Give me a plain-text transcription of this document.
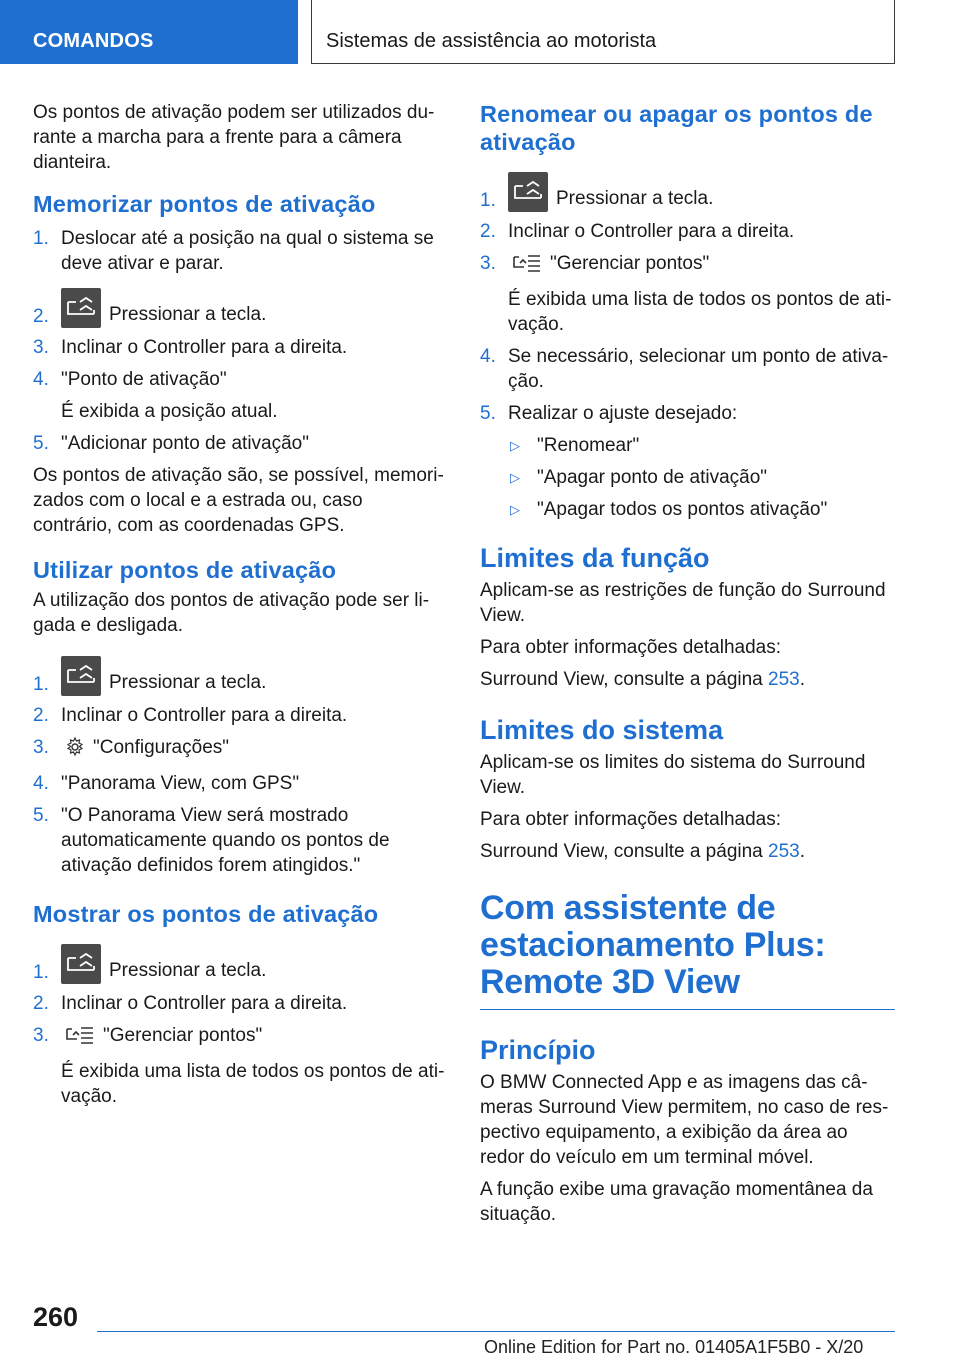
COMANDOS	Sistemas de assistência ao motorista

Os pontos de ativação podem ser utilizados durante a marcha para a frente para a câmera dianteira.

Memorizar pontos de ativação
1. Deslocar até a posição na qual o sistema se deve ativar e parar.
2.	Pressionar a tecla.
3. Inclinar o Controller para a direita.
4. "Ponto de ativação"
É exibida a posição atual.
5. "Adicionar ponto de ativação"

Os pontos de ativação são, se possível, memorizados com o local e a estrada ou, caso contrário, com as coordenadas GPS.

Utilizar pontos de ativação

A utilização dos pontos de ativação pode ser ligada e desligada.

1.	Pressionar a tecla.
2. Inclinar o Controller para a direita.
3. "Configurações"
4. "Panorama View, com GPS"
5. "O Panorama View será mostrado automaticamente quando os pontos de ativação definidos forem atingidos."
Mostrar os pontos de ativação
1.	Pressionar a tecla.
2. Inclinar o Controller para a direita.
3.	"Gerenciar pontos"
É exibida uma lista de todos os pontos de ativação.
Renomear ou apagar os pontos de ativação
1.	Pressionar a tecla.
2. Inclinar o Controller para a direita.
3.	"Gerenciar pontos"
É exibida uma lista de todos os pontos de ativação.
4. Se necessário, selecionar um ponto de ativação.
5. Realizar o ajuste desejado:
▷ "Renomear"
▷ "Apagar ponto de ativação"
▷ "Apagar todos os pontos ativação"
Limites da função

Aplicam-se as restrições de função do Surround View.

Para obter informações detalhadas:

Surround View, consulte a página 253.

Limites do sistema

Aplicam-se os limites do sistema do Surround View.

Para obter informações detalhadas:

Surround View, consulte a página 253.

Com assistente de estacionamento Plus: Remote 3D View
Princípio

O BMW Connected App e as imagens das câmeras Surround View permitem, no caso de respectivo equipamento, a exibição da área ao redor do veículo em um terminal móvel.

A função exibe uma gravação momentânea da situação.

260
Online Edition for Part no. 01405A1F5B0 - X/20
